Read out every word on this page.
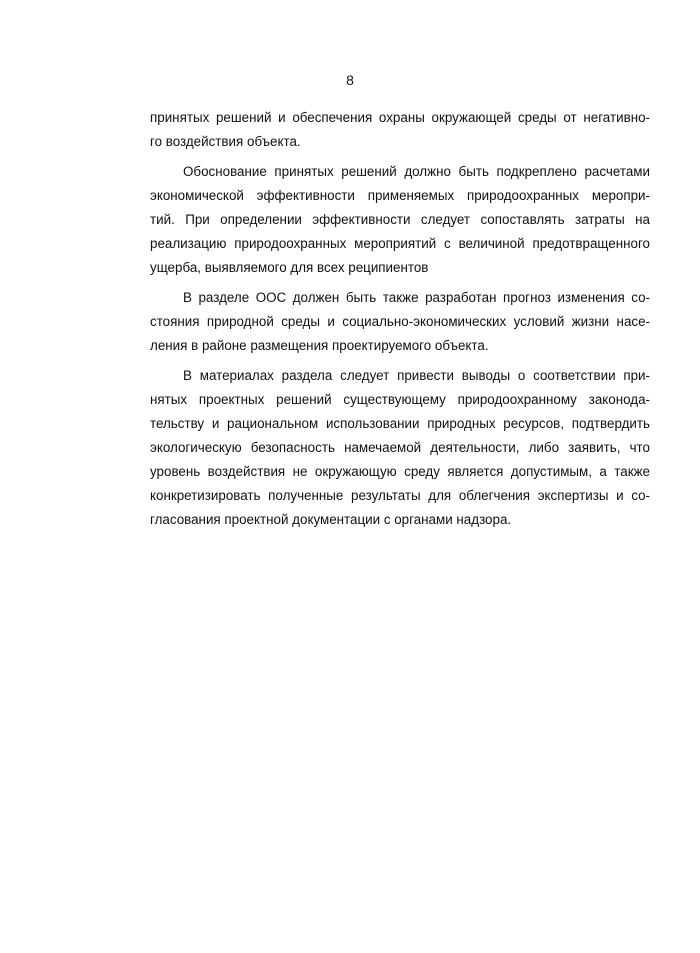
8
принятых решений и обеспечения охраны окружающей среды от негативно-
го воздействия объекта.
Обоснование принятых решений должно быть подкреплено расчетами
экономической эффективности применяемых природоохранных меропри-
тий. При определении эффективности следует сопоставлять затраты на
реализацию природоохранных мероприятий с величиной предотвращенного
ущерба, выявляемого для всех реципиентов
В разделе ООС должен быть также разработан прогноз изменения со-
стояния природной среды и социально-экономических условий жизни насе-
ления в районе размещения проектируемого объекта.
В материалах раздела следует привести выводы о соответствии при-
нятых проектных решений существующему природоохранному законода-
тельству и рациональном использовании природных ресурсов, подтвердить
экологическую безопасность намечаемой деятельности, либо заявить, что
уровень воздействия не окружающую среду является допустимым, а также
конкретизировать полученные результаты для облегчения экспертизы и со-
гласования проектной документации с органами надзора.
